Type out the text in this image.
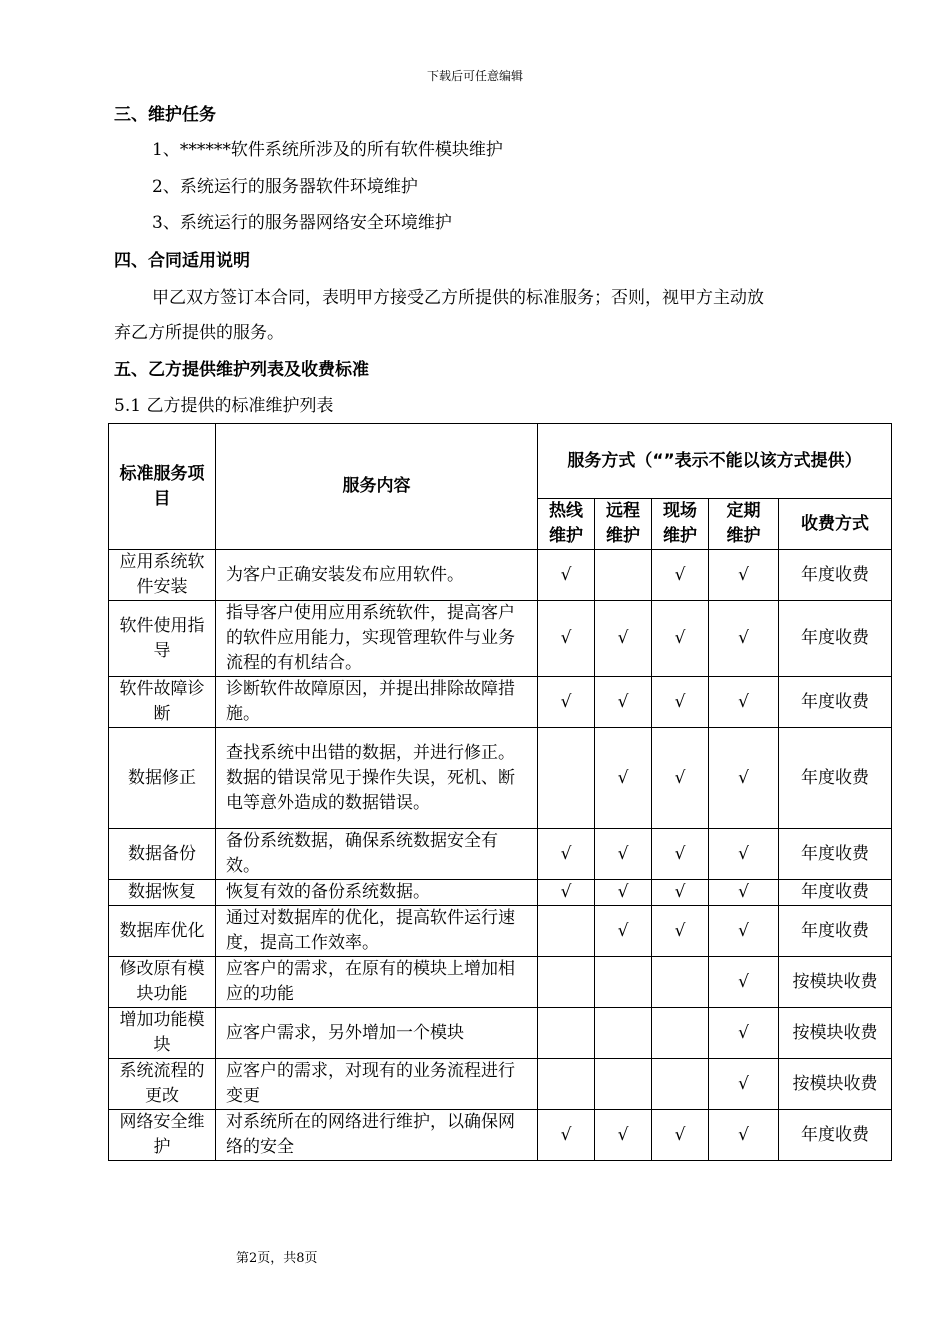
下载后可任意编辑
三、维护任务
1、******软件系统所涉及的所有软件模块维护
2、系统运行的服务器软件环境维护
3、系统运行的服务器网络安全环境维护
四、合同适用说明
甲乙双方签订本合同，表明甲方接受乙方所提供的标准服务；否则，视甲方主动放
弃乙方所提供的服务。
五、乙方提供维护列表及收费标准
5.1 乙方提供的标准维护列表
标准服务项目	服务内容	服务方式（“”表示不能以该方式提供）				
		热线维护	远程维护	现场维护	定期维护	收费方式
应用系统软件安装	为客户正确安装发布应用软件。	√		√	√	年度收费
软件使用指导	指导客户使用应用系统软件，提高客户的软件应用能力，实现管理软件与业务流程的有机结合。	√	√	√	√	年度收费
软件故障诊断	诊断软件故障原因，并提出排除故障措施。	√	√	√	√	年度收费
数据修正	查找系统中出错的数据，并进行修正。数据的错误常见于操作失误，死机、断电等意外造成的数据错误。		√	√	√	年度收费
数据备份	备份系统数据，确保系统数据安全有效。	√	√	√	√	年度收费
数据恢复	恢复有效的备份系统数据。	√	√	√	√	年度收费
数据库优化	通过对数据库的优化，提高软件运行速度，提高工作效率。		√	√	√	年度收费
修改原有模块功能	应客户的需求，在原有的模块上增加相应的功能				√	按模块收费
增加功能模块	应客户需求，另外增加一个模块				√	按模块收费
系统流程的更改	应客户的需求，对现有的业务流程进行变更				√	按模块收费
网络安全维护	对系统所在的网络进行维护，以确保网络的安全	√	√	√	√	年度收费
第2页，共8页
